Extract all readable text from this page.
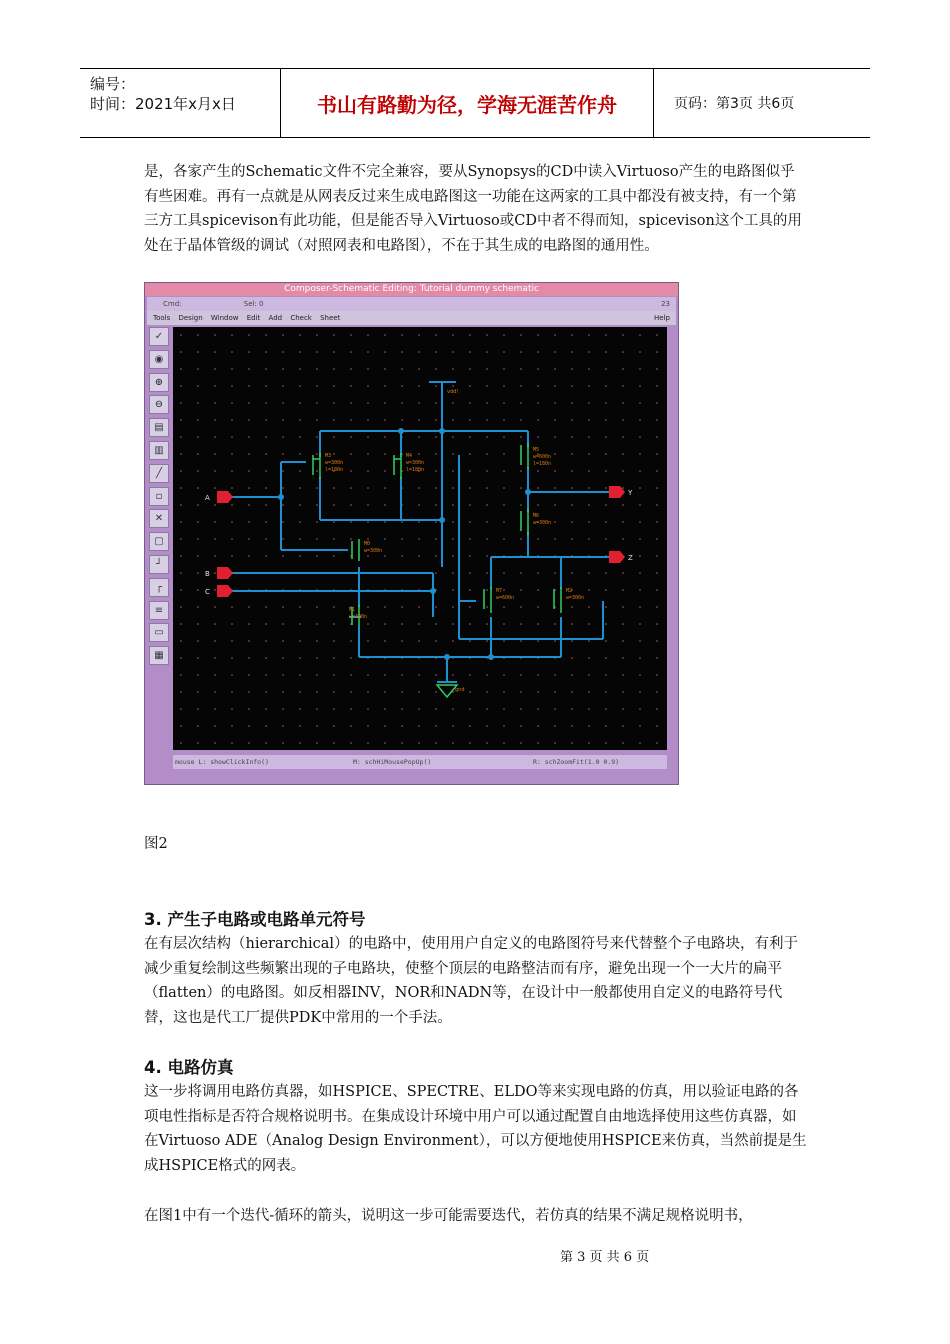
编号：
时间：2021年x月x日	书山有路勤为径，学海无涯苦作舟	页码：第3页 共6页
是，各家产生的Schematic文件不完全兼容，要从Synopsys的CD中读入Virtuoso产生的电路图似乎有些困难。再有一点就是从网表反过来生成电路图这一功能在这两家的工具中都没有被支持，有一个第三方工具spicevison有此功能，但是能否导入Virtuoso或CD中者不得而知，spicevison这个工具的用处在于晶体管级的调试（对照网表和电路图），不在于其生成的电路图的通用性。
Composer-Schematic Editing: Tutorial dummy schematic
Cmd:	Sel: 0	23
Tools Design Window Edit Add Check Sheet	Help
✓
◉
⊕
⊖
▤
▥
╱
▫
✕
▢
┘
┌
≡
▭
▦
M3
w=300n
l=180n
M4
w=300n
l=180n
M5
w=600n
l=180n
M6
w=300n
M0
w=300n
M1
w=300n
M7
w=600n
M2
w=300n
A
B
C
Y
Z
vdd!
gnd
mouse L: showClickInfo()	M: schHiMousePopUp()	R: schZoomFit(1.0 0.9)
图2
3. 产生子电路或电路单元符号
在有层次结构（hierarchical）的电路中，使用用户自定义的电路图符号来代替整个子电路块，有利于减少重复绘制这些频繁出现的子电路块，使整个顶层的电路整洁而有序，避免出现一个一大片的扁平（flatten）的电路图。如反相器INV，NOR和NADN等，在设计中一般都使用自定义的电路符号代替，这也是代工厂提供PDK中常用的一个手法。
4. 电路仿真
这一步将调用电路仿真器，如HSPICE、SPECTRE、ELDO等来实现电路的仿真，用以验证电路的各项电性指标是否符合规格说明书。在集成设计环境中用户可以通过配置自由地选择使用这些仿真器，如在Virtuoso ADE（Analog Design Environment），可以方便地使用HSPICE来仿真，当然前提是生成HSPICE格式的网表。
在图1中有一个迭代-循环的箭头，说明这一步可能需要迭代，若仿真的结果不满足规格说明书，
第 3 页 共 6 页
